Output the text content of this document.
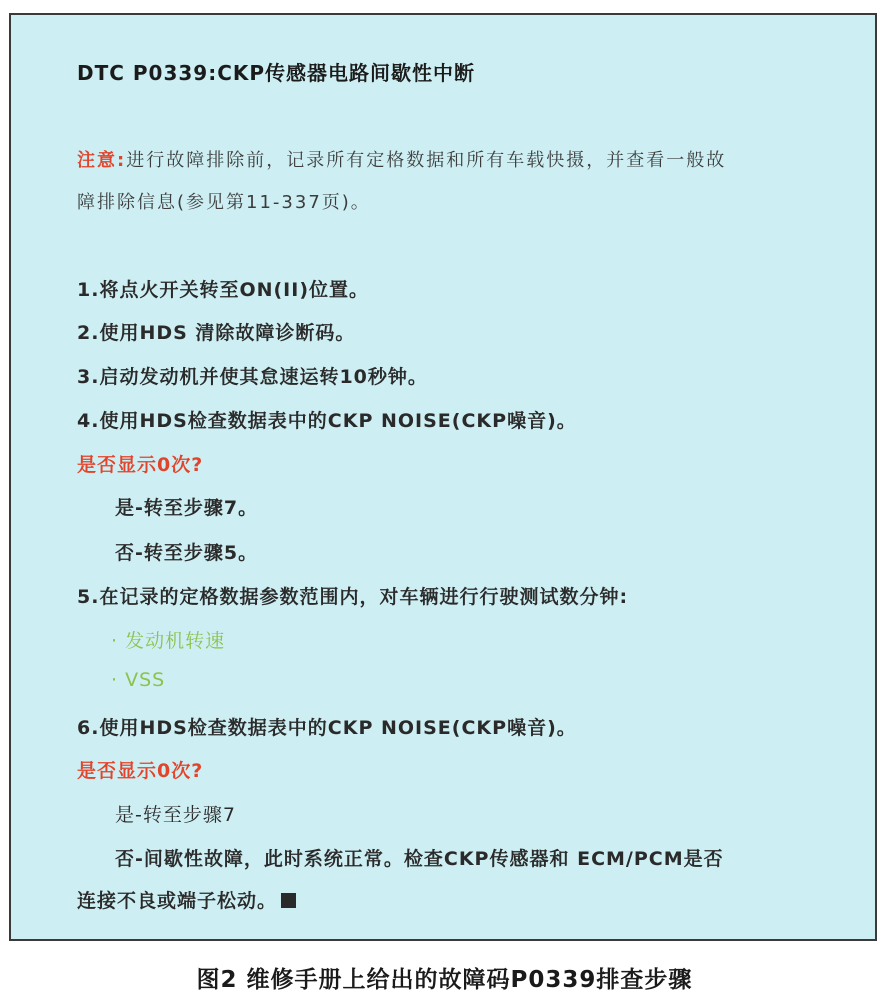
DTC P0339:CKP传感器电路间歇性中断
注意:进行故障排除前，记录所有定格数据和所有车载快摄，并查看一般故
障排除信息(参见第11-337页)。
1.将点火开关转至ON(II)位置。
2.使用HDS 清除故障诊断码。
3.启动发动机并使其怠速运转10秒钟。
4.使用HDS检查数据表中的CKP NOISE(CKP噪音)。
是否显示0次?
是-转至步骤7。
否-转至步骤5。
5.在记录的定格数据参数范围内，对车辆进行行驶测试数分钟:
· 发动机转速
· VSS
6.使用HDS检查数据表中的CKP NOISE(CKP噪音)。
是否显示0次?
是-转至步骤7
否-间歇性故障，此时系统正常。检查CKP传感器和 ECM/PCM是否
连接不良或端子松动。
图2 维修手册上给出的故障码P0339排查步骤
